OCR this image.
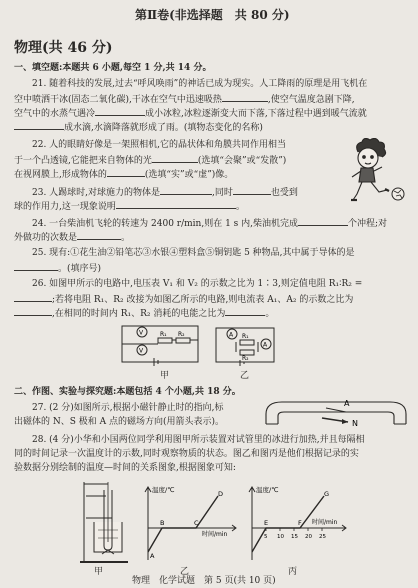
第Ⅱ卷(非选择题　共 80 分)
物理(共 46 分)
一、填空题:本题共 6 小题,每空 1 分,共 14 分。
21. 随着科技的发展,过去“呼风唤雨”的神话已成为现实。人工降雨的原理是用飞机在
空中喷洒干冰(固态二氧化碳),干冰在空气中迅速吸热	,使空气温度急剧下降,
空气中的水蒸气遇冷	成小冰粒,冰粒逐渐变大而下落,下落过程中遇到暖气流就
成水滴,水滴降落就形成了雨。(填物态变化的名称)
22. 人的眼睛好像是一架照相机,它的晶状体和角膜共同作用相当
于一个凸透镜,它能把来自物体的光	(选填“会聚”或“发散”)
在视网膜上,形成物体的	(选填“实”或“虚”)像。
23. 人踢球时,对球施力的物体是	,同时	也受到
球的作用力,这一现象说明	。
24. 一台柴油机飞轮的转速为 2400 r/min,则在 1 s 内,柴油机完成	个冲程;对
外做功的次数是	。
25. 现有:①花生油②铅笔芯③水银④塑料盒⑤铜钥匙 5 种物品,其中属于导体的是
。(填序号)
26. 如图甲所示的电路中,电压表 V₁ 和 V₂ 的示数之比为 1∶3,则定值电阻 R₁∶R₂ =
;若将电阻 R₁、R₂ 改接为如图乙所示的电路,则电流表 A₁、A₂ 的示数之比为
,在相同的时间内 R₁、R₂ 消耗的电能之比为	。
V
V
R₁ R₂
甲
A
A
R₁
R₂
乙
二、作图、实验与探究题:本题包括 4 个小题,共 18 分。
27. (2 分)如图所示,根据小磁针静止时的指向,标
出磁体的 N、S 极和 A 点的磁场方向(用箭头表示)。
A
N
28. (4 分)小华和小国两位同学利用图甲所示装置对试管里的冰进行加热,并且每隔相
同的时间记录一次温度计的示数,同时观察物质的状态。图乙和图丙是他们根据记录的实
验数据分别绘制的温度—时间的关系图象,根据图象可知:
甲
温度/℃
时间/min
B	C
D
A
乙
温度/℃
时间/min
5 10 15 20 25
E	F
G
丙
物理　化学试题　第 5 页(共 10 页)
